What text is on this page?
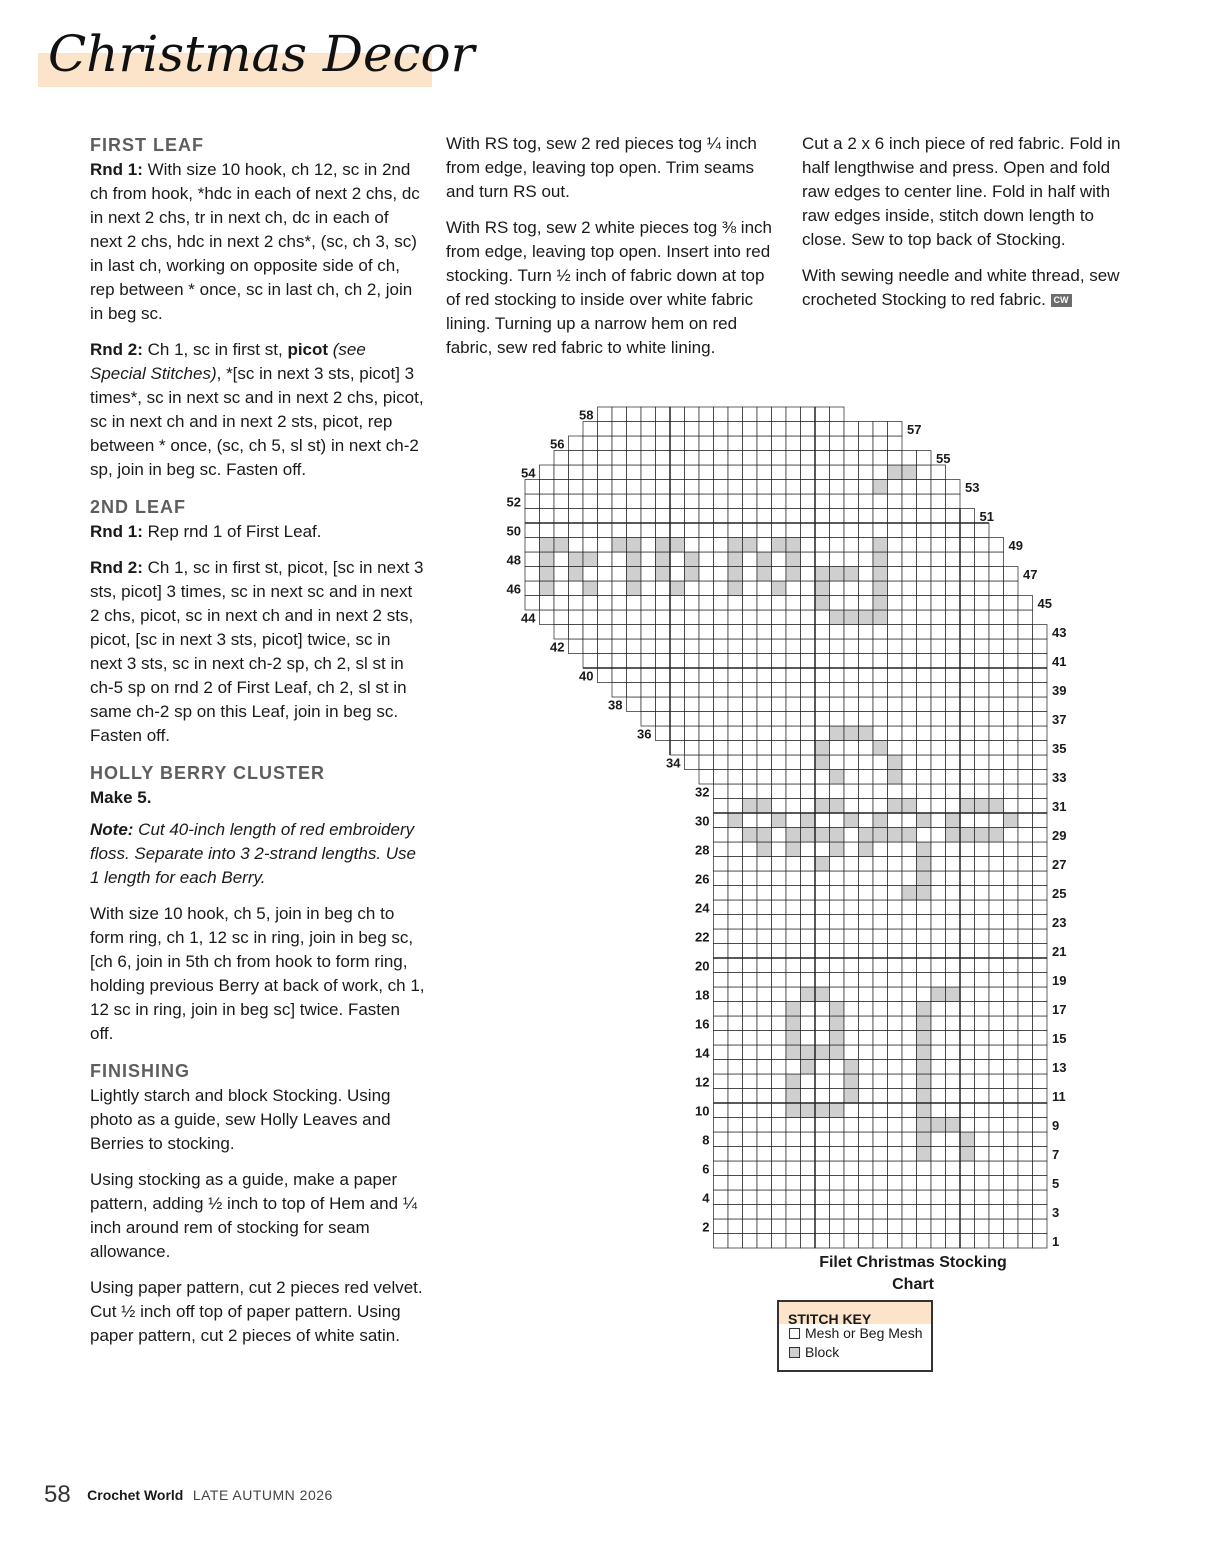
Christmas Decor
FIRST LEAF

Rnd 1: With size 10 hook, ch 12, sc in 2nd ch from hook, *hdc in each of next 2 chs, dc in next 2 chs, tr in next ch, dc in each of next 2 chs, hdc in next 2 chs*, (sc, ch 3, sc) in last ch, working on opposite side of ch, rep between * once, sc in last ch, ch 2, join in beg sc.

Rnd 2: Ch 1, sc in first st, picot (see Special Stitches), *[sc in next 3 sts, picot] 3 times*, sc in next sc and in next 2 chs, picot, sc in next ch and in next 2 sts, picot, rep between * once, (sc, ch 5, sl st) in next ch-2 sp, join in beg sc. Fasten off.

2ND LEAF

Rnd 1: Rep rnd 1 of First Leaf.

Rnd 2: Ch 1, sc in first st, picot, [sc in next 3 sts, picot] 3 times, sc in next sc and in next 2 chs, picot, sc in next ch and in next 2 sts, picot, [sc in next 3 sts, picot] twice, sc in next 3 sts, sc in next ch-2 sp, ch 2, sl st in ch-5 sp on rnd 2 of First Leaf, ch 2, sl st in same ch-2 sp on this Leaf, join in beg sc. Fasten off.

HOLLY BERRY CLUSTER

Make 5.

Note: Cut 40-inch length of red embroidery floss. Separate into 3 2-strand lengths. Use 1 length for each Berry.

With size 10 hook, ch 5, join in beg ch to form ring, ch 1, 12 sc in ring, join in beg sc, [ch 6, join in 5th ch from hook to form ring, holding previous Berry at back of work, ch 1, 12 sc in ring, join in beg sc] twice. Fasten off.

FINISHING

Lightly starch and block Stocking. Using photo as a guide, sew Holly Leaves and Berries to stocking.

Using stocking as a guide, make a paper pattern, adding ½ inch to top of Hem and ¼ inch around rem of stocking for seam allowance.

Using paper pattern, cut 2 pieces red velvet. Cut ½ inch off top of paper pattern. Using paper pattern, cut 2 pieces of white satin.

With RS tog, sew 2 red pieces tog ¼ inch from edge, leaving top open. Trim seams and turn RS out.

With RS tog, sew 2 white pieces tog ⅜ inch from edge, leaving top open. Insert into red stocking. Turn ½ inch of fabric down at top of red stocking to inside over white fabric lining. Turning up a narrow hem on red fabric, sew red fabric to white lining.

Cut a 2 x 6 inch piece of red fabric. Fold in half lengthwise and press. Open and fold raw edges to center line. Fold in half with raw edges inside, stitch down length to close. Sew to top back of Stocking.

With sewing needle and white thread, sew crocheted Stocking to red fabric. CW

1
2
3
4
5
6
7
8
9
10
11
12
13
14
15
16
17
18
19
20
21
22
23
24
25
26
27
28
29
30
31
32
33
34
35
36
37
38
39
40
41
42
43
44
45
46
47
48
49
50
51
52
53
54
55
56
57
58
Filet Christmas Stocking
Chart
STITCH KEY
Mesh or Beg Mesh
Block
58 Crochet World LATE AUTUMN 2026
